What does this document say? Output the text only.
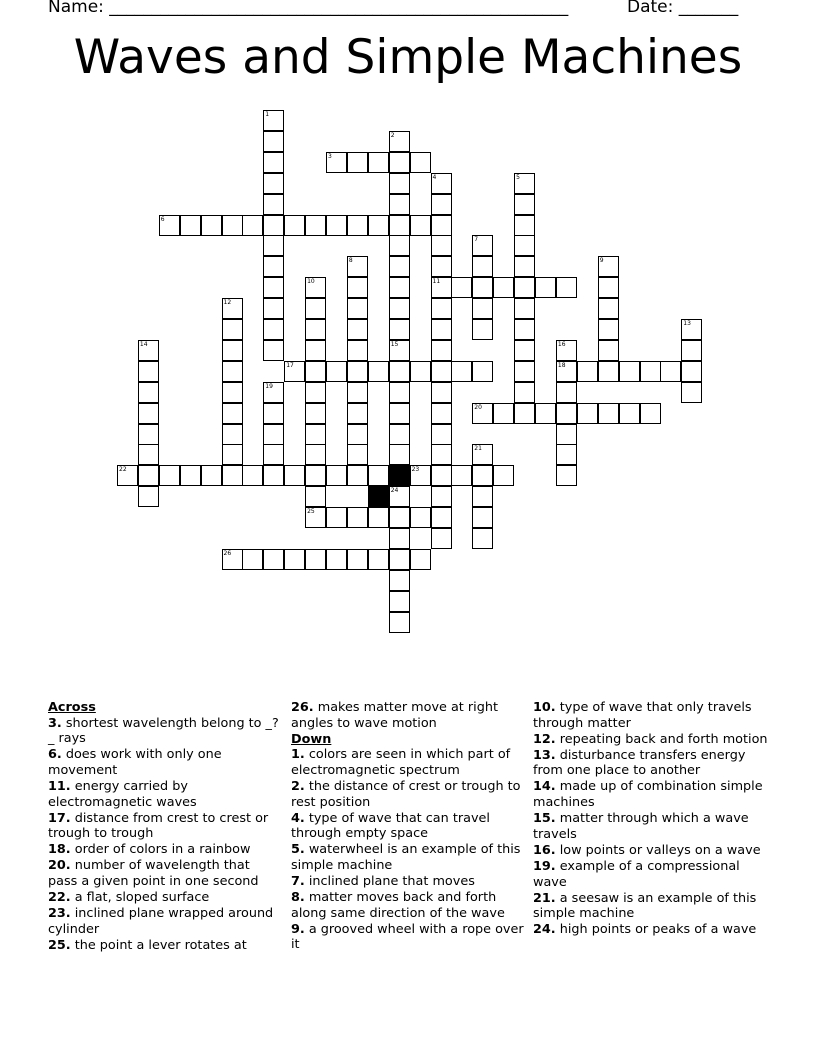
Name: ______________________________________________________	Date: _______
Waves and Simple Machines
3
6
11
17	18
20
22	23
25
26
1
2
4	5
7
8	9
10
12
13
14	15
24
16
19
21
Across
3. shortest wavelength belong to _?_ rays
6. does work with only one movement
11. energy carried by electromagnetic waves
17. distance from crest to crest or trough to trough
18. order of colors in a rainbow
20. number of wavelength that pass a given point in one second
22. a flat, sloped surface
23. inclined plane wrapped around cylinder
25. the point a lever rotates at
26. makes matter move at right angles to wave motion
Down
1. colors are seen in which part of electromagnetic spectrum
2. the distance of crest or trough to rest position
4. type of wave that can travel through empty space
5. waterwheel is an example of this simple machine
7. inclined plane that moves
8. matter moves back and forth along same direction of the wave
9. a grooved wheel with a rope over it
10. type of wave that only travels through matter
12. repeating back and forth motion
13. disturbance transfers energy from one place to another
14. made up of combination simple machines
15. matter through which a wave travels
16. low points or valleys on a wave
19. example of a compressional wave
21. a seesaw is an example of this simple machine
24. high points or peaks of a wave
